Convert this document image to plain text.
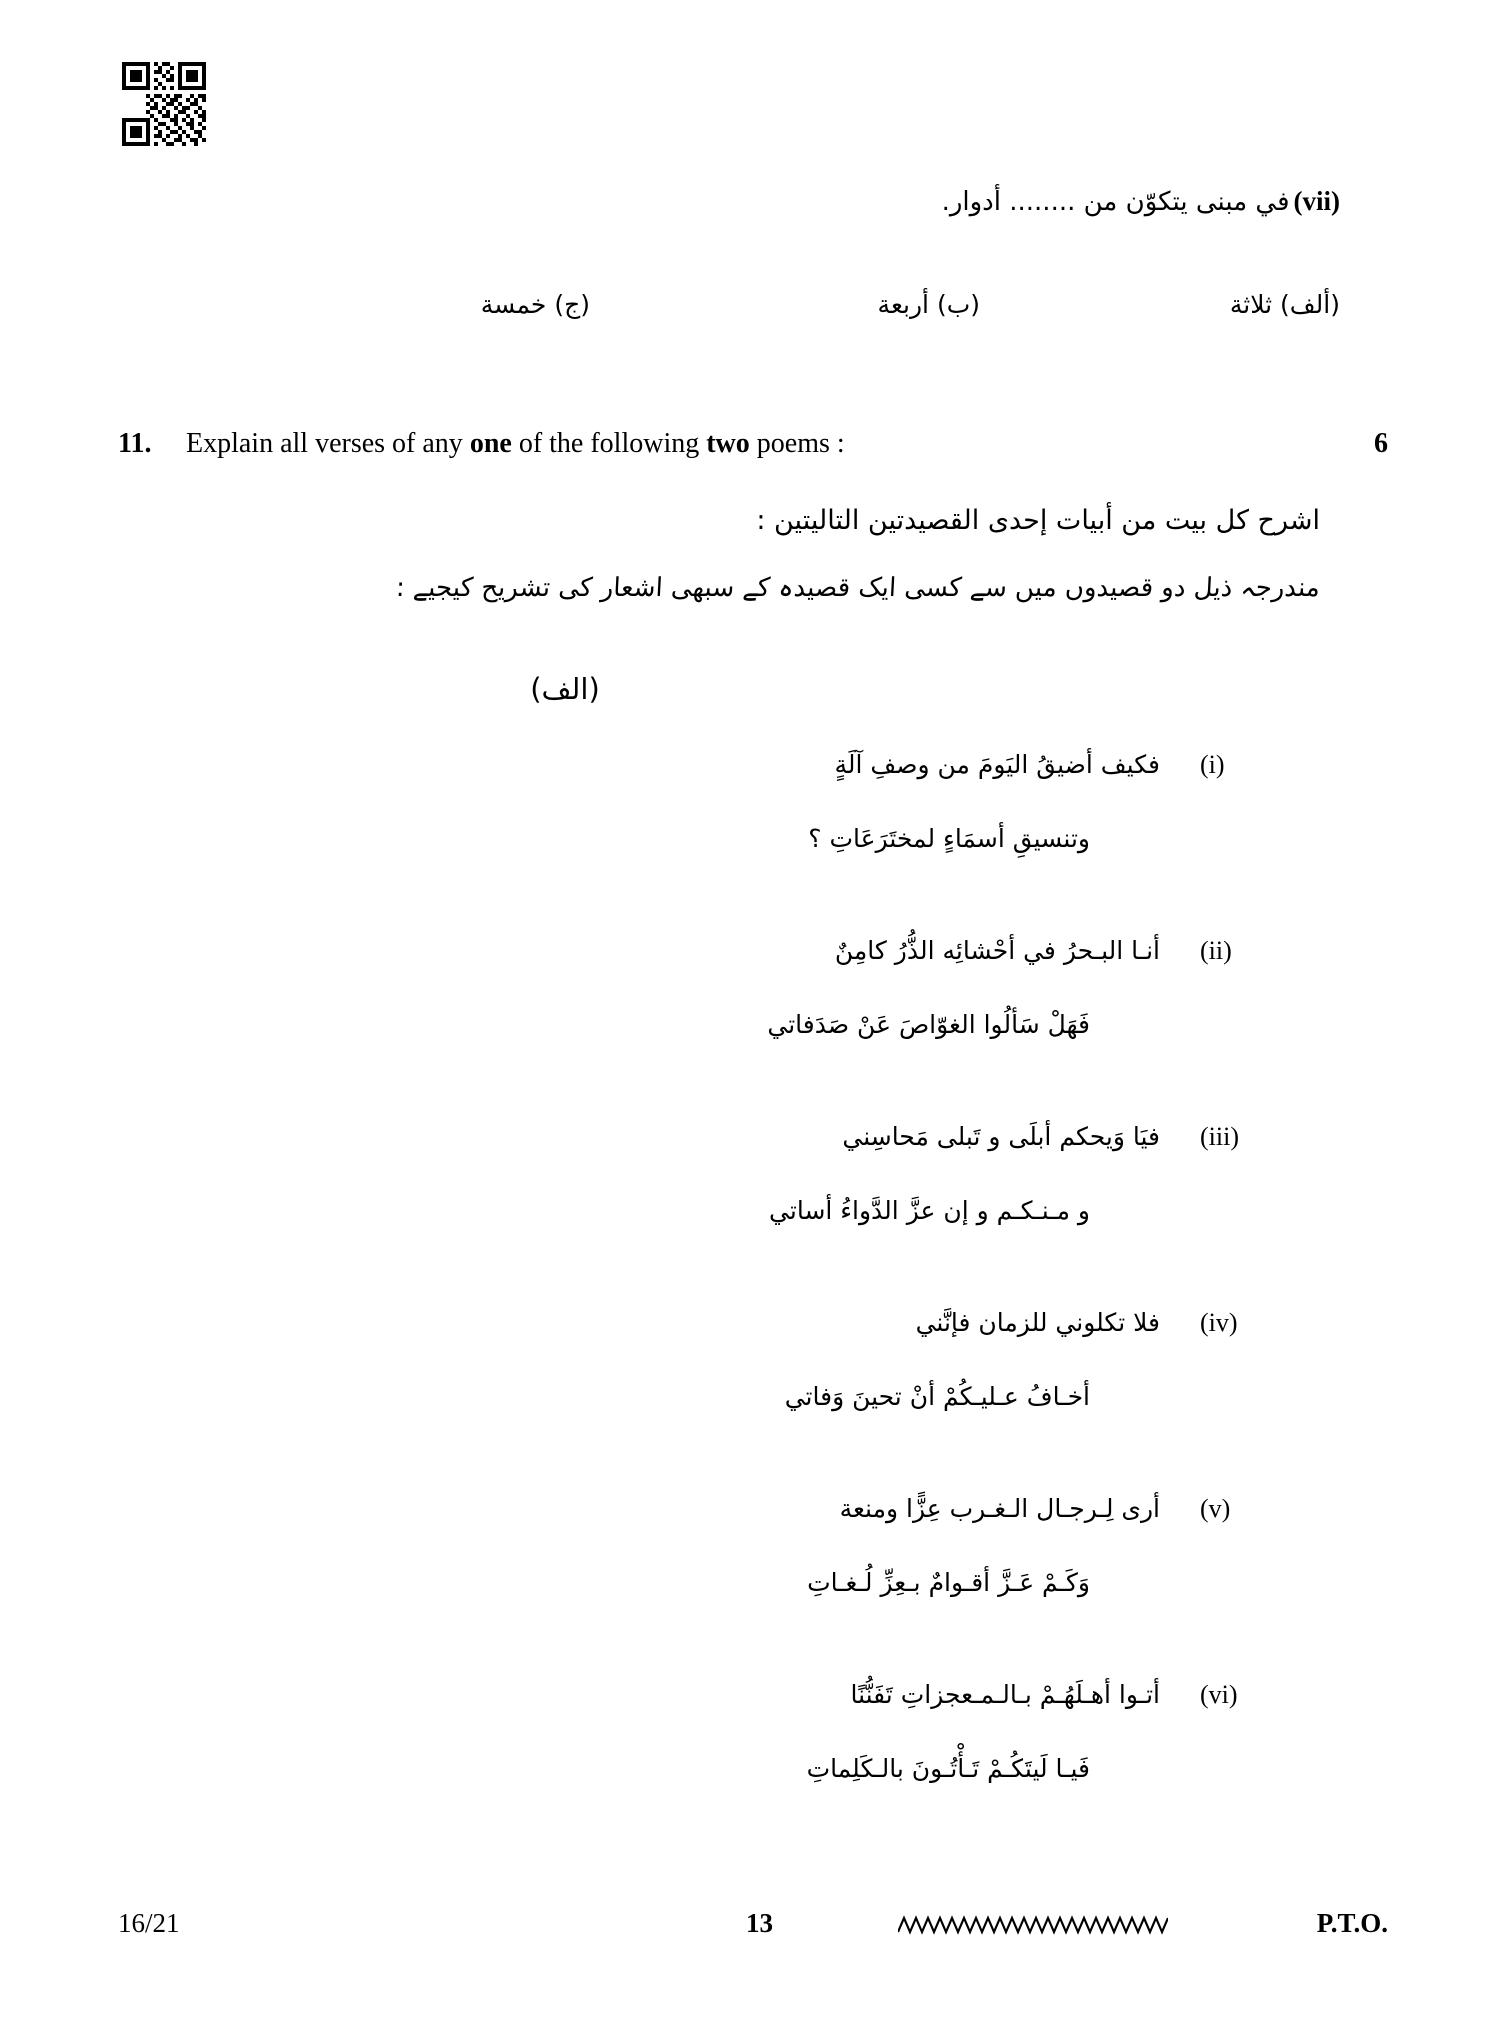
(vii)في مبنى يتكوّن من ........ أدوار.
(ألف) ثلاثة
(ب) أربعة
(ج) خمسة
11. Explain all verses of any one of the following two poems :	6
اشرح كل بيت من أبيات إحدى القصيدتين التاليتين :
مندرجہ ذیل دو قصیدوں میں سے کسی ایک قصیدہ کے سبھی اشعار کی تشریح کیجیے :
(الف)
(i)
فكيف أضيقُ اليَومَ من وصفِ آلَةٍ
وتنسيقِ أسمَاءٍ لمختَرَعَاتِ ؟
(ii)
أنـا البـحرُ في أحْشائِه الذُّرُ كامِنٌ
فَهَلْ سَألُوا الغوّاصَ عَنْ صَدَفاتي
(iii)
فيَا وَيحكم أبلَى و تَبلى مَحاسِني
و مـنـكـم و إن عزَّ الدَّواءُ أساتي
(iv)
فلا تكلوني للزمان فإنَّني
أخـافُ عـليـكُمْ أنْ تحينَ وَفاتي
(v)
أرى لِـرجـال الـغـرب عِزًّا ومنعة
وَكَـمْ عَـزَّ أقـوامٌ بـعِزِّ لُـغـاتِ
(vi)
أتـوا أهـلَهُـمْ بـالـمـعجزاتِ تَفَنُّنًا
فَيـا لَيتَكُـمْ تَـأْتُـونَ بالـكَلِماتِ
16/21	13	P.T.O.
